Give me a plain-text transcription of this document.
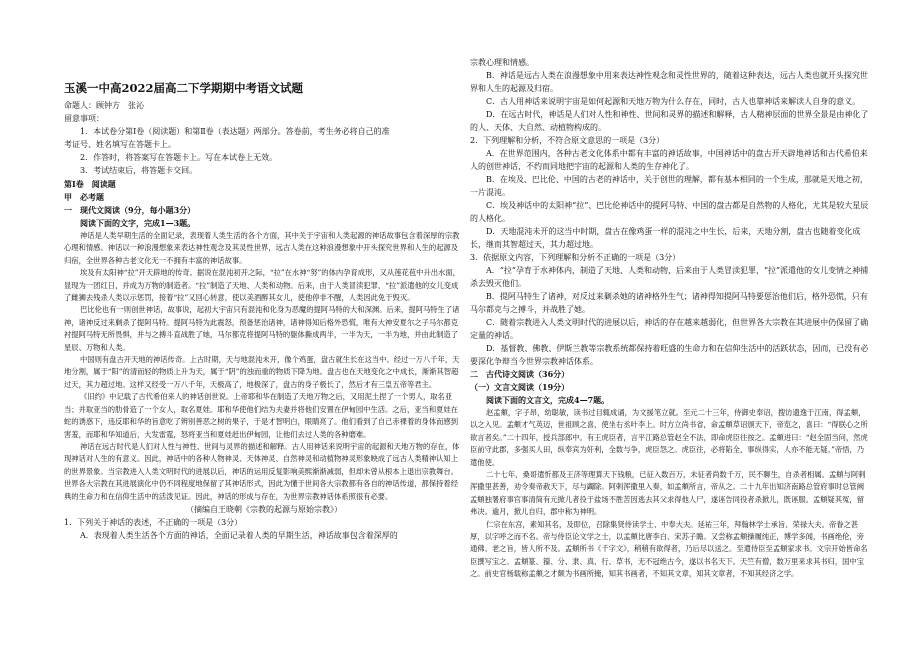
玉溪一中高2022届高二下学期期中考语文试题

命题人：顾钟方　张沁

留意事项：

1．本试卷分第Ⅰ卷（阅读题）和第Ⅱ卷（表达题）两部分。答卷前，考生务必将自己的准

考证号、姓名填写在答题卡上。

2．作答时，将答案写在答题卡上。写在本试卷上无效。

3．考试结束后，将答题卡交回。

第Ⅰ卷　阅读题

甲　必考题

一　现代文阅读（9分，每小题3分）

阅读下面的文字，完成1—3题。

神话是人类早期生活的全面记录，表现着人类生活的各个方面，其中关于宇宙和人类起源的神话故事包含着深厚的宗教心理和情感。神话以一种浪漫想象来表达神性观念及其灵性世界，远古人类在这种浪漫想象中开头探究世界和人生的起源及归宿，全世界各种古老文化无一不拥有丰富的神话故事。

埃及有太阳神“拉”开天辟地的传奇。据说在混沌初开之际，“拉”在水神“努”的体内孕育成形，又从莲花苞中升出水面，显现为一团红日，并成为万物的制造者。“拉”制造了天地、人类和动物。后来，由于人类冒渎犯罪，“拉”派遣他的女儿变成了雌狮去残杀人类以示惩罚，接着“拉”又回心转意，使以美酒醉其女儿，使他停非不醒，人类因此免于毁灭。

巴比伦也有一则创世神话，故事说，起初大宇宙只有混沌和化身为恶魔的提阿马特的大和深渊。后来，提阿马特生了诸神，诸神反过来剿杀了提阿马特。提阿马特为此震怒，预备惩治诸神，诸神得知后格外恐慌，唯有大神安夏尔之子马尔都克衬提阿马特无所畏惧，并与之搏斗直战胜了她，马尔都克将提阿马特的躯体撕成两半，一半为天，一半为地，并由此制造了星辰、万物和人类。

中国则有盘古开天地的神话传奇。上古时期，天与地混沌未开，像个鸡蛋，盘古就生长在这当中。经过一万八千年，天地分割，属于“阳”的清而轻的物质上升为天，属于“阴”的浊而重的物质下降为地。盘古也在天地变化之中成长，渐渐其智超过天，其力超过地。这样又经受一万八千年，天极高了，地极深了，盘古的身子极长了，然后才有三皇五帝等君主。

《旧约》中记载了古代希伯来人的神话创世说。上帝耶和华在制造了天地万物之后，又用泥土捏了一个男人，取名亚当；并取亚当的肋骨造了一个女人，取名夏娃。耶和华使他们结为夫妻并将他们安置在伊甸园中生活。之后，亚当和夏娃在蛇的诱惑下，违反耶和华的旨意吃了辨别善恶之树的果子，于是才智明白，眼睛亮了。他们看到了自己赤裸着的身体而感到害羞，而耶和华知道后，大发雷霆，怒将亚当和夏娃赶出伊甸园，让他们去过人类的各种磨难。

神话在远古时代是人们对人性与神性、世间与灵界的描述和解释。古人用神话来说明宇宙的起源和天地万物的存在，体现神话对人生的有意义。因此，神话中的各种人物神灵、天体神灵、自然神灵和动植物神灵形象映成了远古人类精神认知上的世界景象。当宗教进入人类文明时代的进展以后，神话的运用反复影响美熙渐渐减弱，但却未曾从根本上退出宗教舞台。世界各大宗教在其进展演化中仍不同程度地保留了其神话形式，因此为懂于世间各大宗教都有各自的神话传道，都保持着经典的生命力和在信仰生活中的活泼见证。因此，神话的形成与存在，为世界宗教神话体系照很有必要。

（摘编自王晓朝《宗教的起源与原始宗教》）

1．下列关于神话的表述，不正确的一项是（3分）

A．表现着人类生活各个方面的神话，全面记录着人类的早期生活，神话故事包含着深厚的

宗教心理和情感。

B．神话是远古人类在浪漫想象中用来表达神性观念和灵性世界的，随着这种表达，远古人类也就开头探究世界和人生的起源及归宿。

C．古人用神话来说明宇宙是如何起源和天地万物为什么存在，同时，古人也靠神话来解读人自身的意义。

D．在远古时代，神话是人们对人性和神性、世间和灵界的描述和解释，古人精神层面的世界全景是由神化了的人、天体、大自然、动植物构成的。

2．下列理解和分析，不符合原文意思的一项是（3分）

A．在世界范围内，各种古老文化体系中都有丰富的神话故事，中国神话中的盘古开天辟地神话和古代希伯来人的创世神话，不约而同地把宇宙的起源和人类的生存神化了。

B．在埃及、巴比伦、中国的古老的神话中，关于创世的理解，都有基本相同的一个生成，那就是天地之初，一片混沌。

C．埃及神话中的太阳神“拉”、巴比伦神话中的提阿马特、中国的盘古都是自然物的人格化，尤其是较大星辰的人格化。

D．天地混沌未开的这当中时期，盘古在像鸡蛋一样的混沌之中生长，后来，天地分割，盘古也随着变化成长，继而其智超过天，其力超过地。

3．依据原文内容，下列理解和分析不正确的一项是（3分）

A．“拉”孕育于水神体内，制造了天地、人类和动物，后来由于人类冒渎犯罪，“拉”派遣他的女儿变情之神捕杀去毁灭他们。

B．提阿马特生了诸神，对反过来剿杀她的诸神格外生气；诸神得知提阿马特要惩治他们后，格外恐慌，只有马尔都克与之搏斗，并战胜了她。

C．随着宗教进入人类文明时代的进展以后，神话的存在越来越弱化，但世界各大宗教在其进展中仍保留了确定量的神话。

D．基督教、佛教、伊斯兰教等宗教系统都保持着旺盛的生命力和在信仰生活中的活跃状态，因而，已没有必要深化争辩当今世界宗教神话体系。

二　古代诗文阅读（36分）

（一）文言文阅读（19分）

阅读下面的文言文，完成4—7题。

赵孟頫，字子昂，幼聪敏，读书过目辄成诵，为文援笔立就。至元二十三年，侍御史奉诏，搜访遗逸于江南，得孟頫，以之入见。孟頫才气英迈，世祖顾之喜，使坐右丞叶李上。时方立尚书省，命孟頫草诏颁天下，帝览之，喜曰：“得朕心之所欲言者矣。”二十四年，授兵部郎中。有王虎臣者，言平江路总管赵全不法，即命虎臣往按之。孟頫进曰：“赵全固当问，然虎臣前守此郡，多强买人田，纵奉宾为奸利，全数与争，虎臣怨之。虎臣往，必将陷全，事纵得实，人亦不能无疑。”帝悟，乃遣他使。

二十七年，桑哥遣忻都及王济等理算天下钱粮，已征入数百万，未征者尚数千万，民不聊生，自杀者相属。孟頫与阿剌浑撒里甚善，劝令奏帝赦天下，尽与蠲除。阿剌浑撒里入奏，如孟頫所言，帝从之。二十九年出知济南路总管府事时总管阙孟頫独署府事官事清简有元掀儿者役于盐场不胜苦因逃去其父求得他人尸，遂诬告同役者杀掀儿，既诬服。孟頫疑其冤，留弗决。逾月，掀儿自归，郡中称为神明。

仁宗在东宫，素知其名，及即位，召除集贤侍读学士、中奉大夫。延祐三年，拜翰林学士承旨、荣禄大夫。帝眷之甚厚，以字呼之而不名。帝与侍臣论文学之士，以孟頫比唐李白、宋苏子瞻。又尝称孟頫操履纯正，博学多闻，书画绝伦，旁通佛、老之旨，皆人所不及。孟頫所书《千字文》，稍稍有欲得者，乃后尽以送之。至遣侍臣至孟頫家求书。文宗开始皆命名臣撰写宝之。孟頫篆、籀、分、隶、真、行、草书，无不冠绝古今，遂以书名天下。天竺有僧，数万里来求其书归，国中宝之。前史官杨载称孟頫之才颇为书画所掩，知其书画者，不知其文章，知其文章者，不知其经济之学。
